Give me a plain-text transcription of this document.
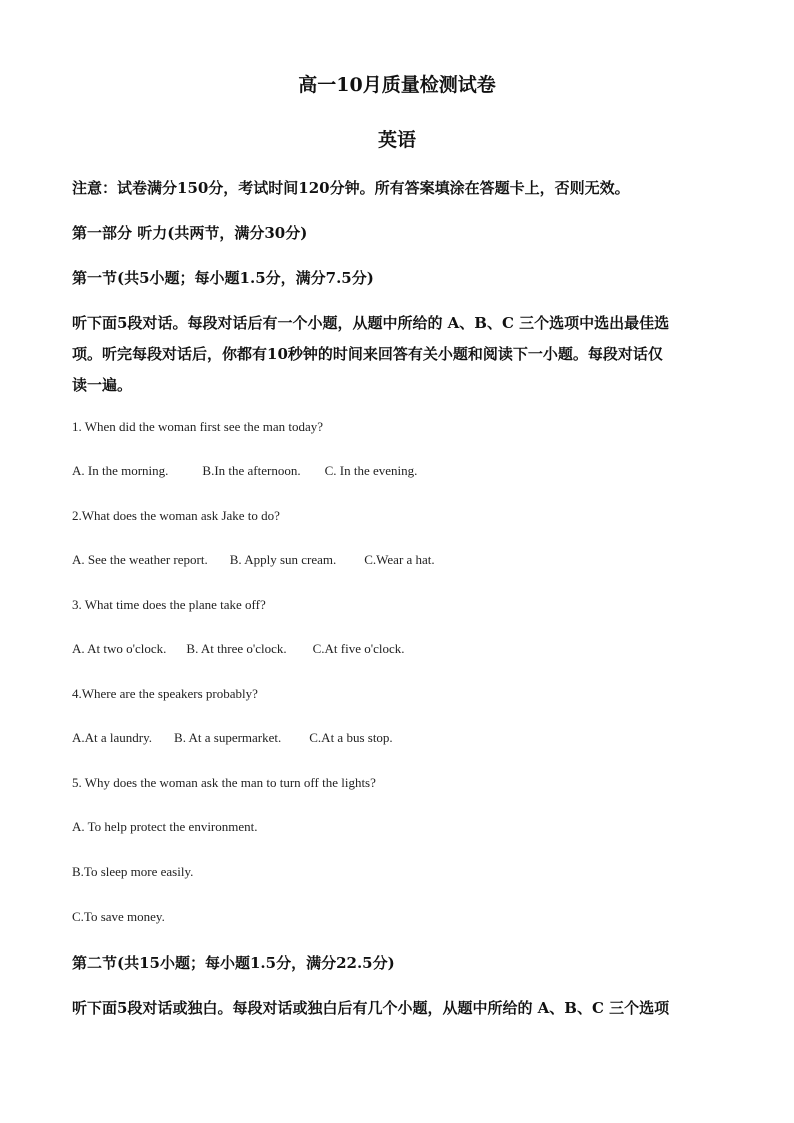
高一10月质量检测试卷
英语
注意：试卷满分150分，考试时间120分钟。所有答案填涂在答题卡上，否则无效。
第一部分 听力(共两节，满分30分)
第一节(共5小题；每小题1.5分，满分7.5分)
听下面5段对话。每段对话后有一个小题，从题中所给的 A、B、C 三个选项中选出最佳选
项。听完每段对话后，你都有10秒钟的时间来回答有关小题和阅读下一小题。每段对话仅
读一遍。
1. When did the woman first see the man today?
A. In the morning.	B.In the afternoon. C. In the evening.
2.What does the woman ask Jake to do?
A. See the weather report. B. Apply sun cream. C.Wear a hat.
3. What time does the plane take off?
A. At two o'clock. B. At three o'clock. C.At five o'clock.
4.Where are the speakers probably?
A.At a laundry. B. At a supermarket. C.At a bus stop.
5. Why does the woman ask the man to turn off the lights?
A. To help protect the environment.
B.To sleep more easily.
C.To save money.
第二节(共15小题；每小题1.5分，满分22.5分)
听下面5段对话或独白。每段对话或独白后有几个小题，从题中所给的 A、B、C 三个选项
